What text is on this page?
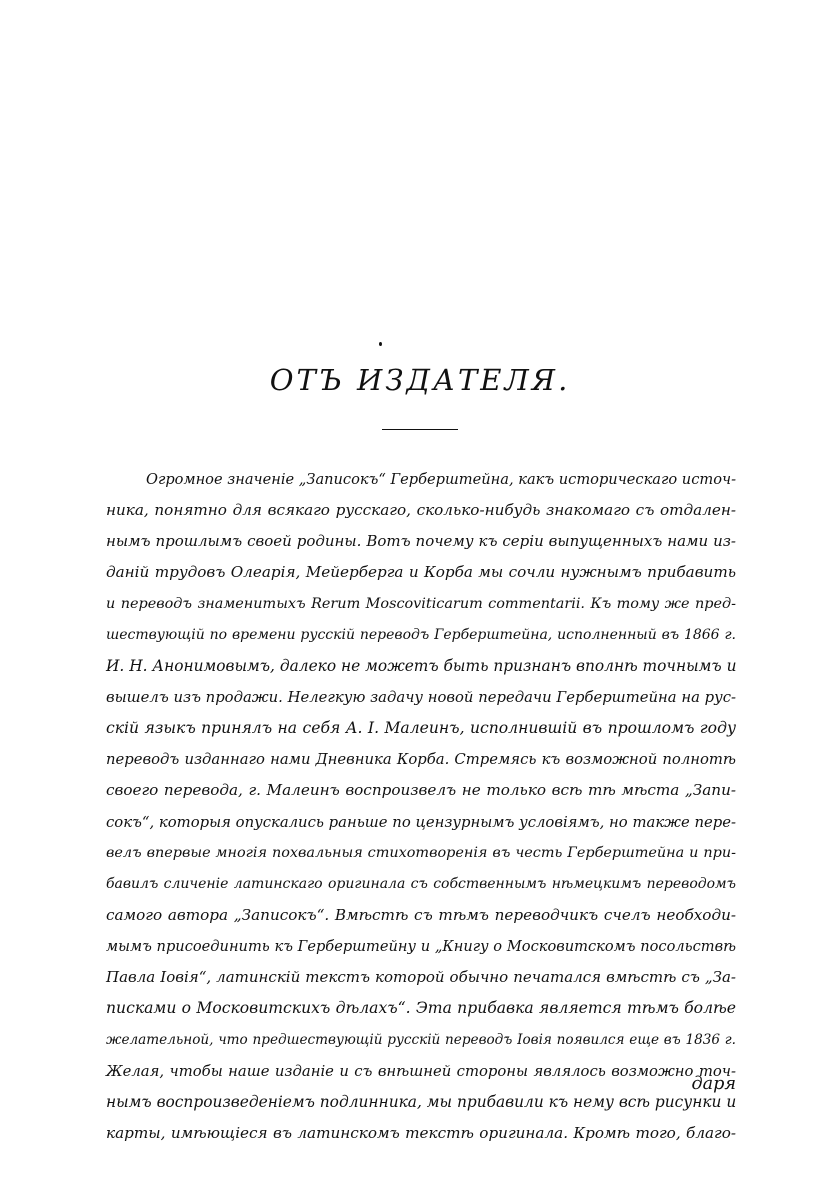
ОТЪ ИЗДАТЕЛЯ.
Огромное значеніе „Записокъ“ Герберштейна, какъ историческаго источ-
ника, понятно для всякаго русскаго, сколько-нибудь знакомаго съ отдален-
нымъ прошлымъ своей родины. Вотъ почему къ серіи выпущенныхъ нами из-
даній трудовъ Олеарія, Мейерберга и Корба мы сочли нужнымъ прибавить
и переводъ знаменитыхъ Rerum Moscoviticarum commentarii. Къ тому же пред-
шествующій по времени русскій переводъ Герберштейна, исполненный въ 1866 г.
И. Н. Анонимовымъ, далеко не можетъ быть признанъ вполнѣ точнымъ и
вышелъ изъ продажи. Нелегкую задачу новой передачи Герберштейна на рус-
скій языкъ принялъ на себя А. I. Малеинъ, исполнившій въ прошломъ году
переводъ изданнаго нами Дневника Корба. Стремясь къ возможной полнотѣ
своего перевода, г. Малеинъ воспроизвелъ не только всѣ тѣ мѣста „Запи-
сокъ“, которыя опускались раньше по цензурнымъ условіямъ, но также пере-
велъ впервые многія похвальныя стихотворенія въ честь Герберштейна и при-
бавилъ сличеніе латинскаго оригинала съ собственнымъ нѣмецкимъ переводомъ
самого автора „Записокъ“. Вмѣстѣ съ тѣмъ переводчикъ счелъ необходи-
мымъ присоединить къ Герберштейну и „Книгу о Московитскомъ посольствѣ
Павла Іовія“, латинскій текстъ которой обычно печатался вмѣстѣ съ „За-
писками о Московитскихъ дѣлахъ“. Эта прибавка является тѣмъ болѣе
желательной, что предшествующій русскій переводъ Іовія появился еще въ 1836 г.
Желая, чтобы наше изданіе и съ внѣшней стороны являлось возможно точ-
нымъ воспроизведеніемъ подлинника, мы прибавили къ нему всѣ рисунки и
карты, имѣющіеся въ латинскомъ текстѣ оригинала. Кромѣ того, благо-
даря
